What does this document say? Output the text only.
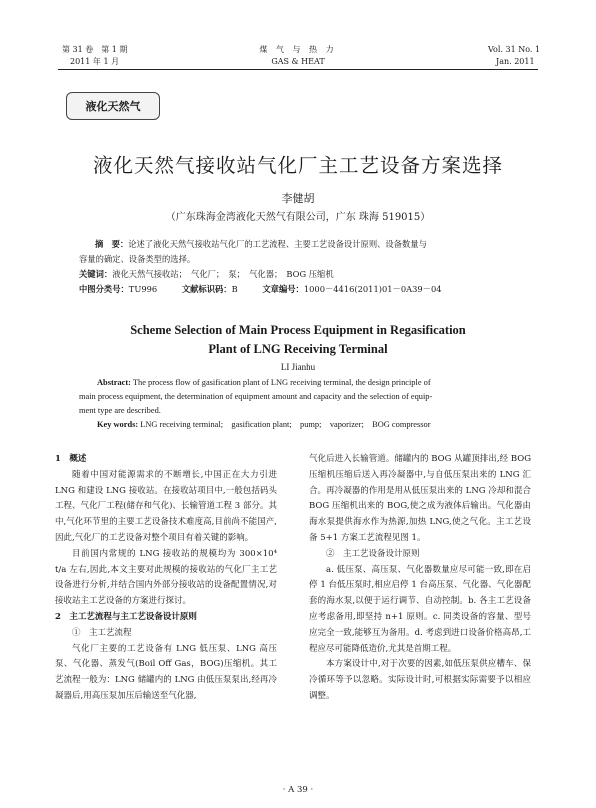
第 31 卷　第 1 期
2011 年 1 月
煤 气 与 热 力
GAS & HEAT
Vol. 31 No. 1
Jan. 2011
液化天然气
液化天然气接收站气化厂主工艺设备方案选择
李健胡
（广东珠海金湾液化天然气有限公司，广东 珠海 519015）
摘　要：论述了液化天然气接收站气化厂的工艺流程、主要工艺设备设计原则、设备数量与
容量的确定、设备类型的选择。
关键词：液化天然气接收站；　气化厂；　泵；　气化器；　BOG 压缩机
中图分类号：TU996	文献标识码：B	文章编号：1000－4416(2011)01－0A39－04
Scheme Selection of Main Process Equipment in Regasification
Plant of LNG Receiving Terminal
LI Jianhu
Abstract: The process flow of gasification plant of LNG receiving terminal, the design principle of
main process equipment, the determination of equipment amount and capacity and the selection of equip-
ment type are described.
Key words: LNG receiving terminal;　gasification plant;　pump;　vaporizer;　BOG compressor

1　概述

随着中国对能源需求的不断增长,中国正在大力引进 LNG 和建设 LNG 接收站。在接收站项目中,一般包括码头工程、气化厂工程(储存和气化)、长输管道工程 3 部分。其中,气化环节里的主要工艺设备技术难度高,目前尚不能国产,因此,气化厂的工艺设备对整个项目有着关键的影响。

目前国内常规的 LNG 接收站的规模均为 300×10⁴ t/a 左右,因此,本文主要对此规模的接收站的气化厂主工艺设备进行分析,并结合国内外部分接收站的设备配置情况,对接收站主工艺设备的方案进行探讨。

2　主工艺流程与主工艺设备设计原则

①　主工艺流程

气化厂主要的工艺设备有 LNG 低压泵、LNG 高压泵、气化器、蒸发气(Boil Off Gas，BOG)压缩机。其工艺流程一般为：LNG 储罐内的 LNG 由低压泵泵出,经再冷凝器后,用高压泵加压后输送至气化器,

气化后进入长输管道。储罐内的 BOG 从罐顶排出,经 BOG 压缩机压缩后送入再冷凝器中,与自低压泵出来的 LNG 汇合。再冷凝器的作用是用从低压泵出来的 LNG 冷却和混合 BOG 压缩机出来的 BOG,使之成为液体后输出。气化器由海水泵提供海水作为热源,加热 LNG,使之气化。主工艺设备 5+1 方案工艺流程见图 1。

②　主工艺设备设计原则

a. 低压泵、高压泵、气化器数量应尽可能一致,即在启停 1 台低压泵时,相应启停 1 台高压泵、气化器、气化器配套的海水泵,以便于运行调节、自动控制。b. 各主工艺设备应考虑备用,即坚持 n+1 原则。c. 同类设备的容量、型号应完全一致,能够互为备用。d. 考虑到进口设备价格高昂,工程应尽可能降低造价,尤其是首期工程。

本方案设计中,对于次要的因素,如低压泵供应槽车、保冷循环等予以忽略。实际设计时,可根据实际需要予以相应调整。

· A 39 ·
